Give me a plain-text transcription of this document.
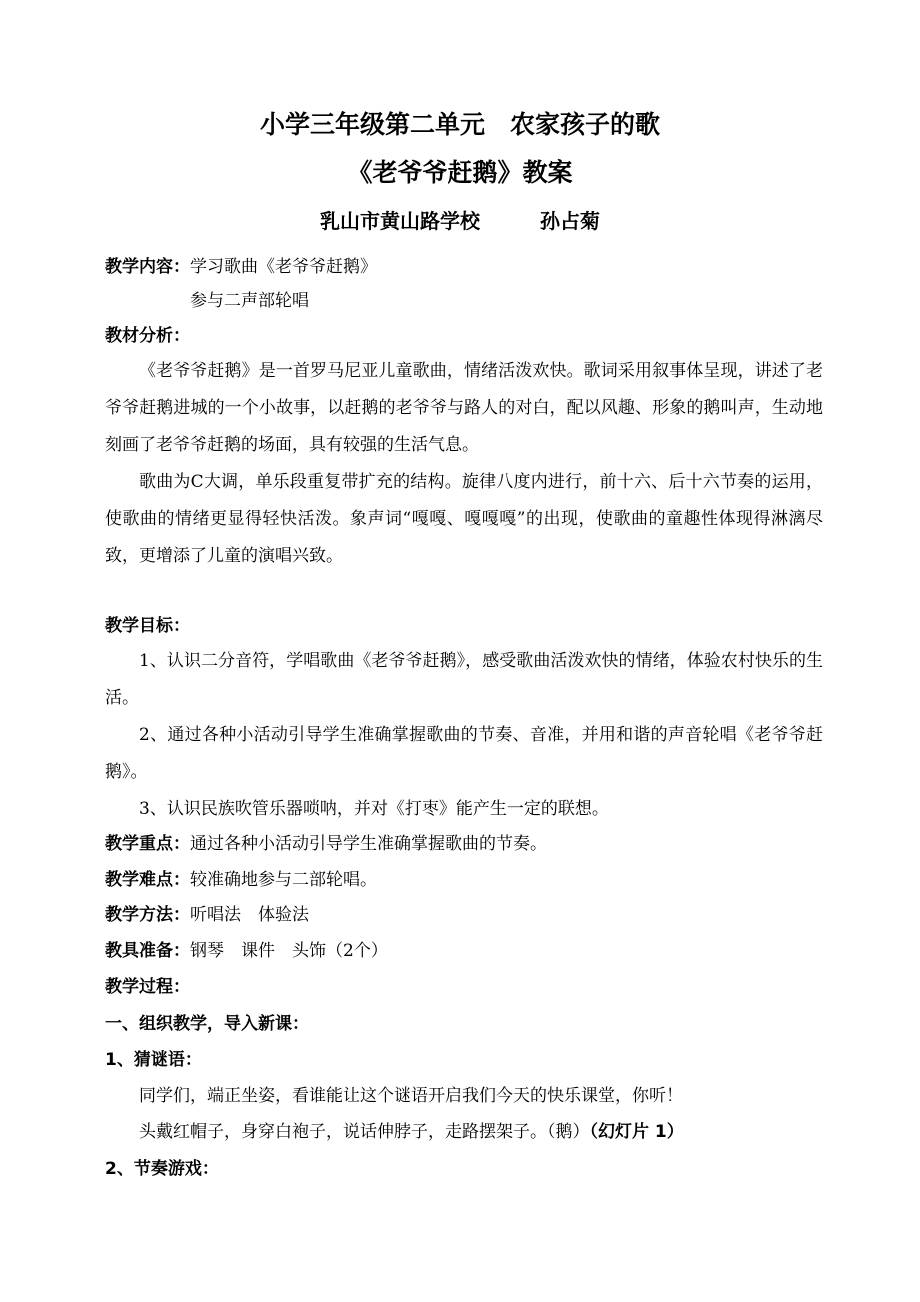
小学三年级第二单元　农家孩子的歌
《老爷爷赶鹅》教案
乳山市黄山路学校　　　孙占菊
教学内容：学习歌曲《老爷爷赶鹅》
参与二声部轮唱
教材分析：
《老爷爷赶鹅》是一首罗马尼亚儿童歌曲，情绪活泼欢快。歌词采用叙事体呈现，讲述了老爷爷赶鹅进城的一个小故事，以赶鹅的老爷爷与路人的对白，配以风趣、形象的鹅叫声，生动地刻画了老爷爷赶鹅的场面，具有较强的生活气息。
歌曲为C大调，单乐段重复带扩充的结构。旋律八度内进行，前十六、后十六节奏的运用，使歌曲的情绪更显得轻快活泼。象声词“嘎嘎、嘎嘎嘎”的出现，使歌曲的童趣性体现得淋漓尽致，更增添了儿童的演唱兴致。
教学目标：
1、认识二分音符，学唱歌曲《老爷爷赶鹅》，感受歌曲活泼欢快的情绪，体验农村快乐的生活。
2、通过各种小活动引导学生准确掌握歌曲的节奏、音准，并用和谐的声音轮唱《老爷爷赶鹅》。
3、认识民族吹管乐器唢呐，并对《打枣》能产生一定的联想。
教学重点：通过各种小活动引导学生准确掌握歌曲的节奏。
教学难点：较准确地参与二部轮唱。
教学方法：听唱法　体验法
教具准备：钢琴　课件　头饰（2个）
教学过程：
一、组织教学，导入新课：
1、猜谜语：
同学们，端正坐姿，看谁能让这个谜语开启我们今天的快乐课堂，你听！
头戴红帽子，身穿白袍子，说话伸脖子，走路摆架子。（鹅）（幻灯片 1）
2、节奏游戏：
